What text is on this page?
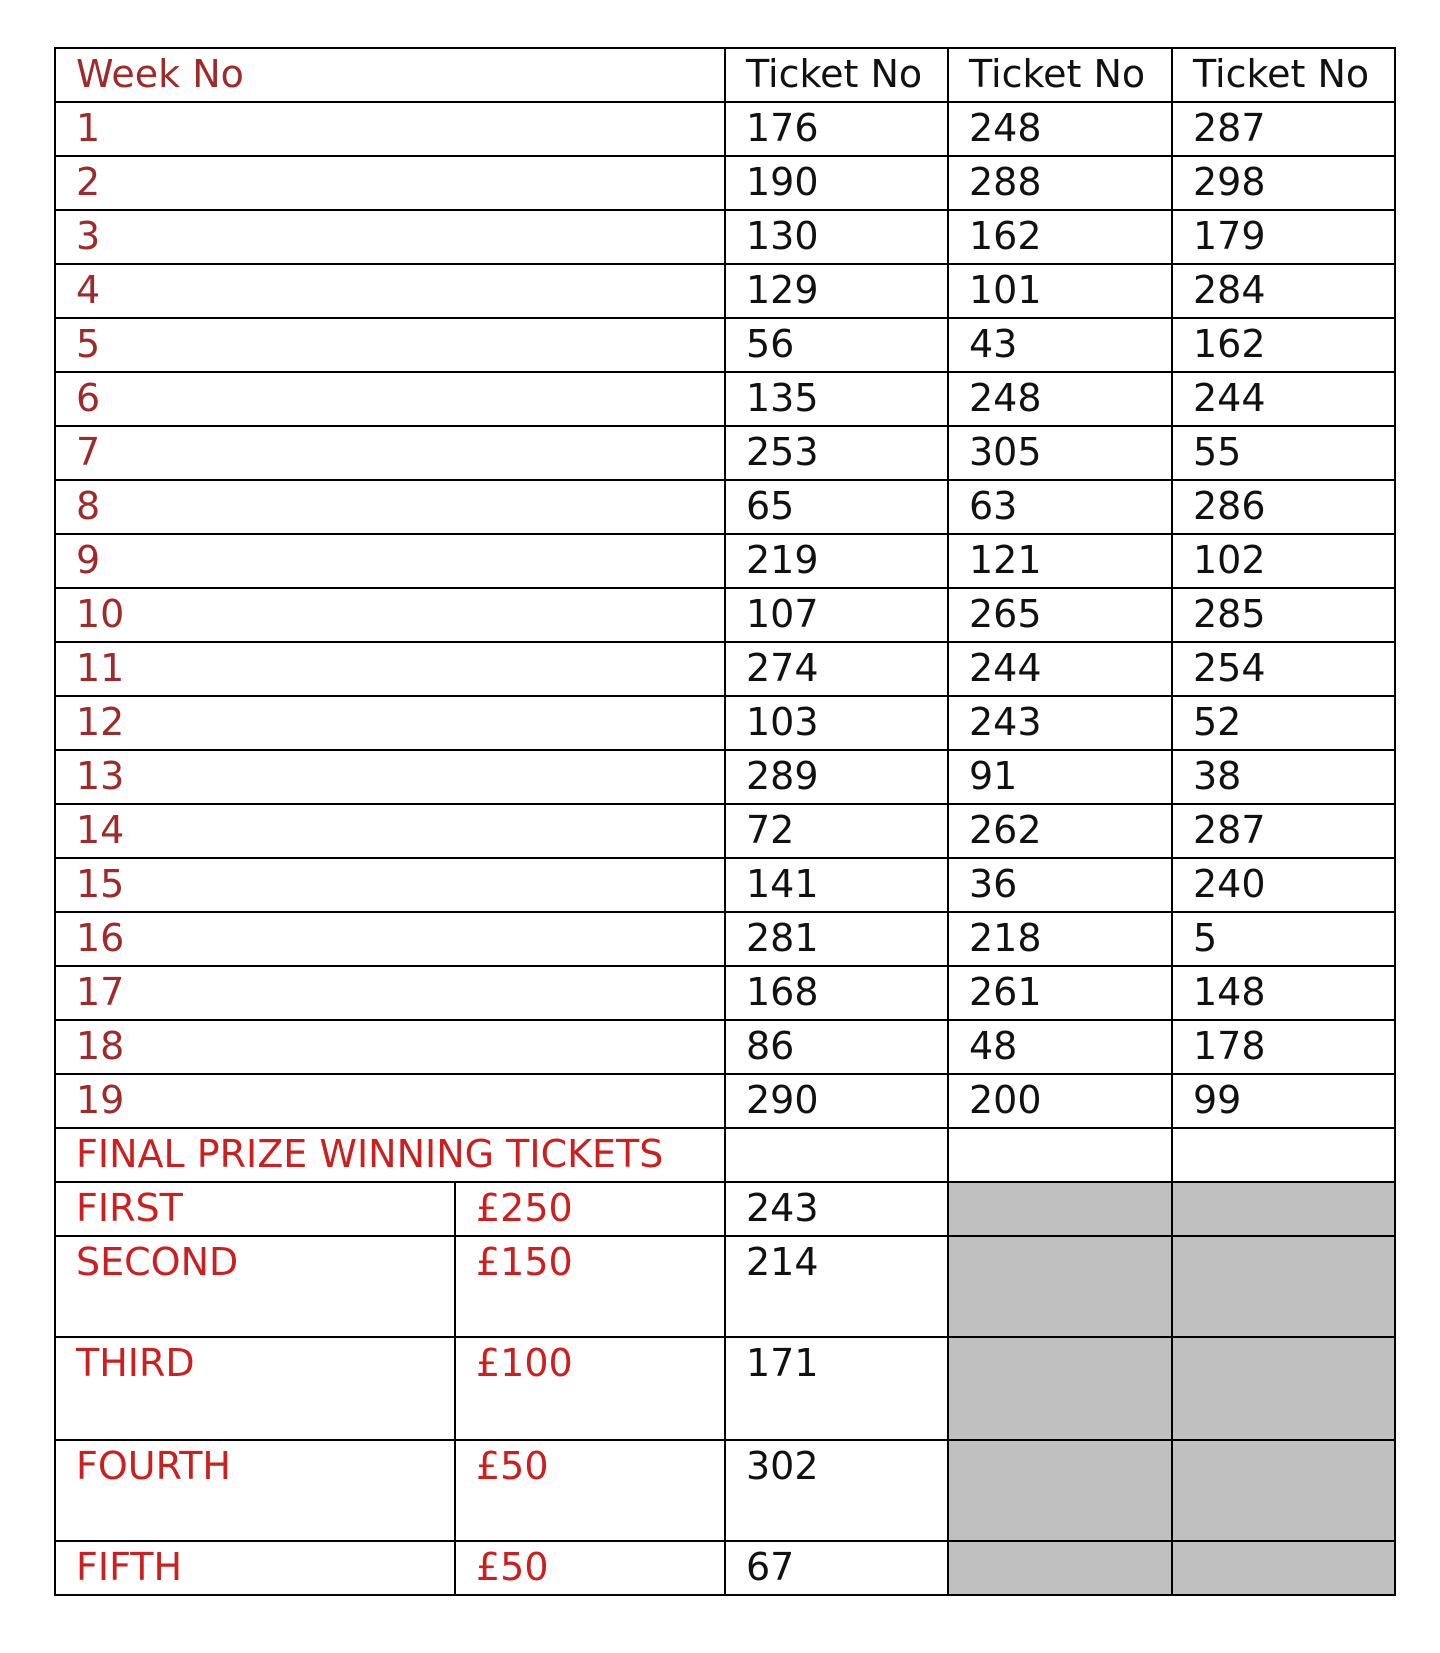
Week No		Ticket No	Ticket No	Ticket No
1		176	248	287
2		190	288	298
3		130	162	179
4		129	101	284
5		56	43	162
6		135	248	244
7		253	305	55
8		65	63	286
9		219	121	102
10		107	265	285
11		274	244	254
12		103	243	52
13		289	91	38
14		72	262	287
15		141	36	240
16		281	218	5
17		168	261	148
18		86	48	178
19		290	200	99
FINAL PRIZE WINNING TICKETS				
FIRST	£250	243		
SECOND	£150	214		
THIRD	£100	171		
FOURTH	£50	302		
FIFTH	£50	67		
